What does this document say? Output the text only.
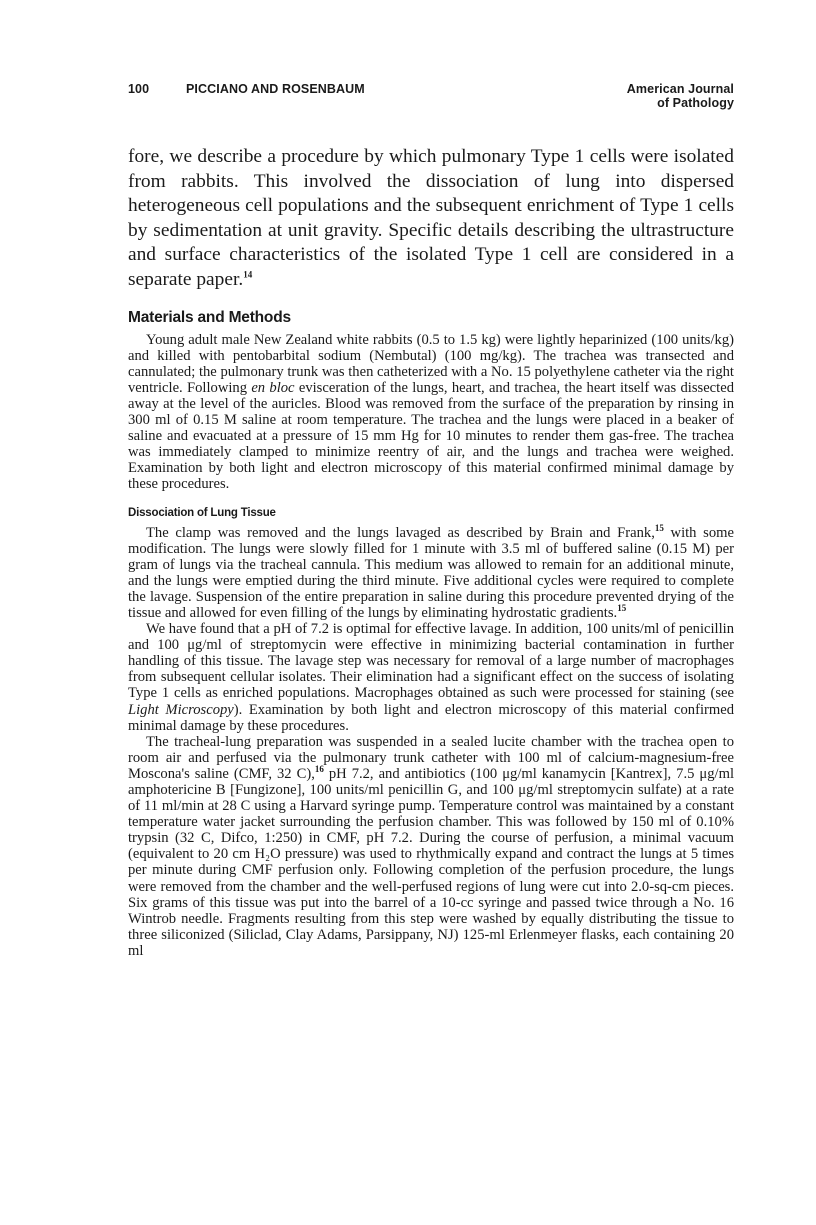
100	PICCIANO AND ROSENBAUM	American Journal
of Pathology
fore, we describe a procedure by which pulmonary Type 1 cells were isolated from rabbits. This involved the dissociation of lung into dispersed heterogeneous cell populations and the subsequent enrichment of Type 1 cells by sedimentation at unit gravity. Specific details describing the ultrastructure and surface characteristics of the isolated Type 1 cell are considered in a separate paper.$^{14}$
Materials and Methods

Young adult male New Zealand white rabbits (0.5 to 1.5 kg) were lightly heparinized (100 units/kg) and killed with pentobarbital sodium (Nembutal) (100 mg/kg). The trachea was transected and cannulated; the pulmonary trunk was then catheterized with a No. 15 polyethylene catheter via the right ventricle. Following en bloc evisceration of the lungs, heart, and trachea, the heart itself was dissected away at the level of the auricles. Blood was removed from the surface of the preparation by rinsing in 300 ml of 0.15 M saline at room temperature. The trachea and the lungs were placed in a beaker of saline and evacuated at a pressure of 15 mm Hg for 10 minutes to render them gas-free. The trachea was immediately clamped to minimize reentry of air, and the lungs and trachea were weighed. Examination by both light and electron microscopy of this material confirmed minimal damage by these procedures.

Dissociation of Lung Tissue

The clamp was removed and the lungs lavaged as described by Brain and Frank,$^{15}$ with some modification. The lungs were slowly filled for 1 minute with 3.5 ml of buffered saline (0.15 M) per gram of lungs via the tracheal cannula. This medium was allowed to remain for an additional minute, and the lungs were emptied during the third minute. Five additional cycles were required to complete the lavage. Suspension of the entire preparation in saline during this procedure prevented drying of the tissue and allowed for even filling of the lungs by eliminating hydrostatic gradients.$^{15}$

We have found that a pH of 7.2 is optimal for effective lavage. In addition, 100 units/ml of penicillin and 100 μg/ml of streptomycin were effective in minimizing bacterial contamination in further handling of this tissue. The lavage step was necessary for removal of a large number of macrophages from subsequent cellular isolates. Their elimination had a significant effect on the success of isolating Type 1 cells as enriched populations. Macrophages obtained as such were processed for staining (see Light Microscopy). Examination by both light and electron microscopy of this material confirmed minimal damage by these procedures.

The tracheal-lung preparation was suspended in a sealed lucite chamber with the trachea open to room air and perfused via the pulmonary trunk catheter with 100 ml of calcium-magnesium-free Moscona's saline (CMF, 32 C),$^{16}$ pH 7.2, and antibiotics (100 μg/ml kanamycin [Kantrex], 7.5 μg/ml amphotericine B [Fungizone], 100 units/ml penicillin G, and 100 μg/ml streptomycin sulfate) at a rate of 11 ml/min at 28 C using a Harvard syringe pump. Temperature control was maintained by a constant temperature water jacket surrounding the perfusion chamber. This was followed by 150 ml of 0.10% trypsin (32 C, Difco, 1:250) in CMF, pH 7.2. During the course of perfusion, a minimal vacuum (equivalent to 20 cm H₂O pressure) was used to rhythmically expand and contract the lungs at 5 times per minute during CMF perfusion only. Following completion of the perfusion procedure, the lungs were removed from the chamber and the well-perfused regions of lung were cut into 2.0-sq-cm pieces. Six grams of this tissue was put into the barrel of a 10-cc syringe and passed twice through a No. 16 Wintrob needle. Fragments resulting from this step were washed by equally distributing the tissue to three siliconized (Siliclad, Clay Adams, Parsippany, NJ) 125-ml Erlenmeyer flasks, each containing 20 ml
